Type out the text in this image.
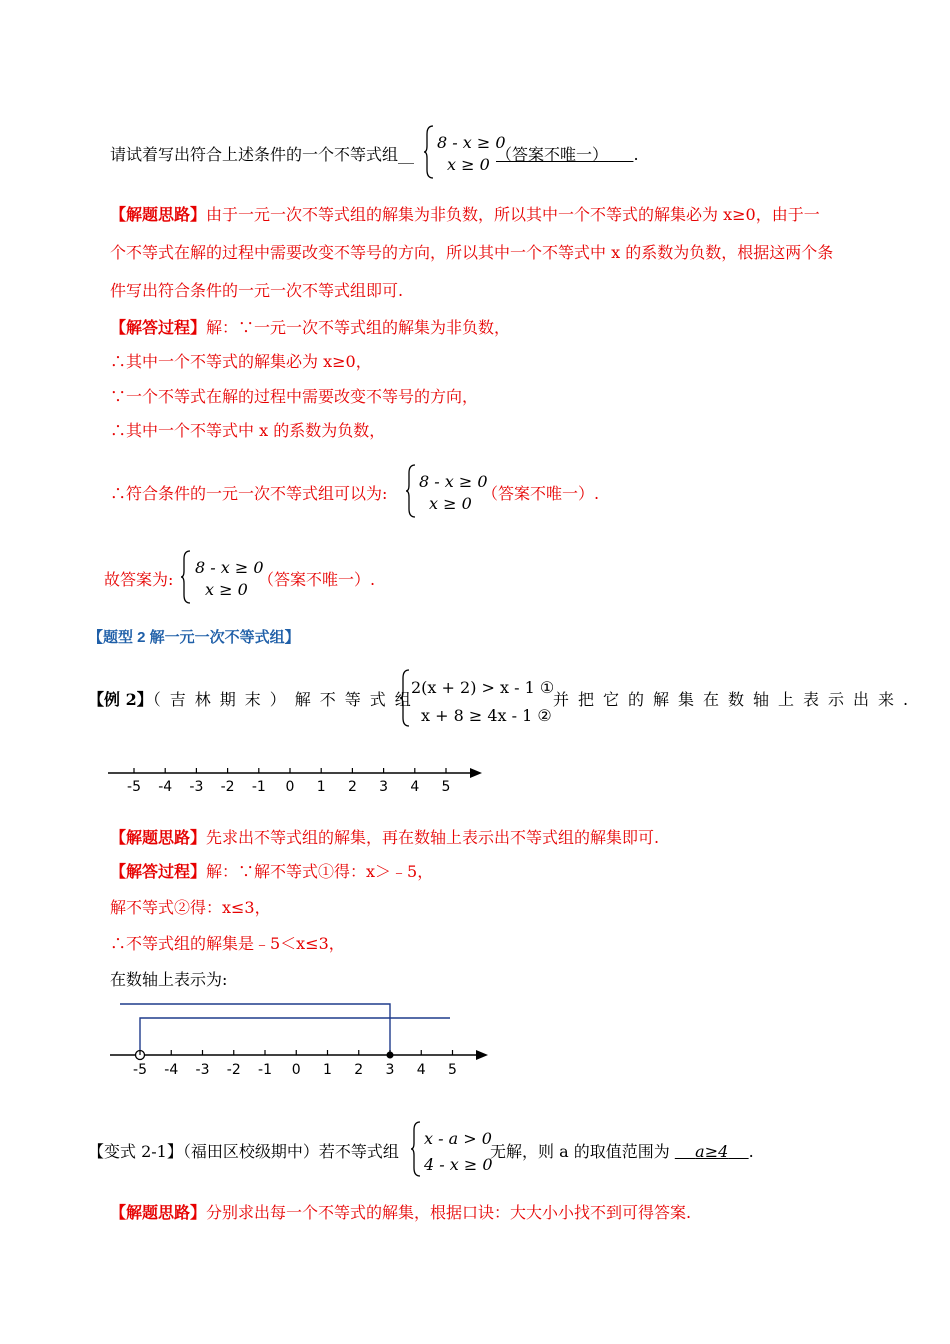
请试着写出符合上述条件的一个不等式组__
8 - x ≥ 0
x ≥ 0
（答案不唯一） .
【解题思路】由于一元一次不等式组的解集为非负数，所以其中一个不等式的解集必为 x≥0，由于一
个不等式在解的过程中需要改变不等号的方向，所以其中一个不等式中 x 的系数为负数，根据这两个条
件写出符合条件的一元一次不等式组即可.
【解答过程】解：∵一元一次不等式组的解集为非负数，
∴其中一个不等式的解集必为 x≥0，
∵一个不等式在解的过程中需要改变不等号的方向，
∴其中一个不等式中 x 的系数为负数，
∴符合条件的一元一次不等式组可以为:
8 - x ≥ 0
x ≥ 0
（答案不唯一）.
故答案为:
8 - x ≥ 0
x ≥ 0
（答案不唯一）.
【题型 2 解一元一次不等式组】
【例 2】（吉林期末）解不等式组
2(x + 2) > x - 1 ①
x + 8 ≥ 4x - 1 ②
并把它的解集在数轴上表示出来.
-5 -4 -3 -2 -1 0 1 2 3 4 5
【解题思路】先求出不等式组的解集，再在数轴上表示出不等式组的解集即可.
【解答过程】解：∵解不等式①得：x＞﹣5，
解不等式②得：x≤3，
∴不等式组的解集是﹣5＜x≤3，
在数轴上表示为:
-5 -4 -3 -2 -1 0 1 2 3 4 5
【变式 2-1】（福田区校级期中）若不等式组
x - a > 0
4 - x ≥ 0
无解，则 a 的取值范围为 a≥4 .
【解题思路】分别求出每一个不等式的解集，根据口诀：大大小小找不到可得答案.
